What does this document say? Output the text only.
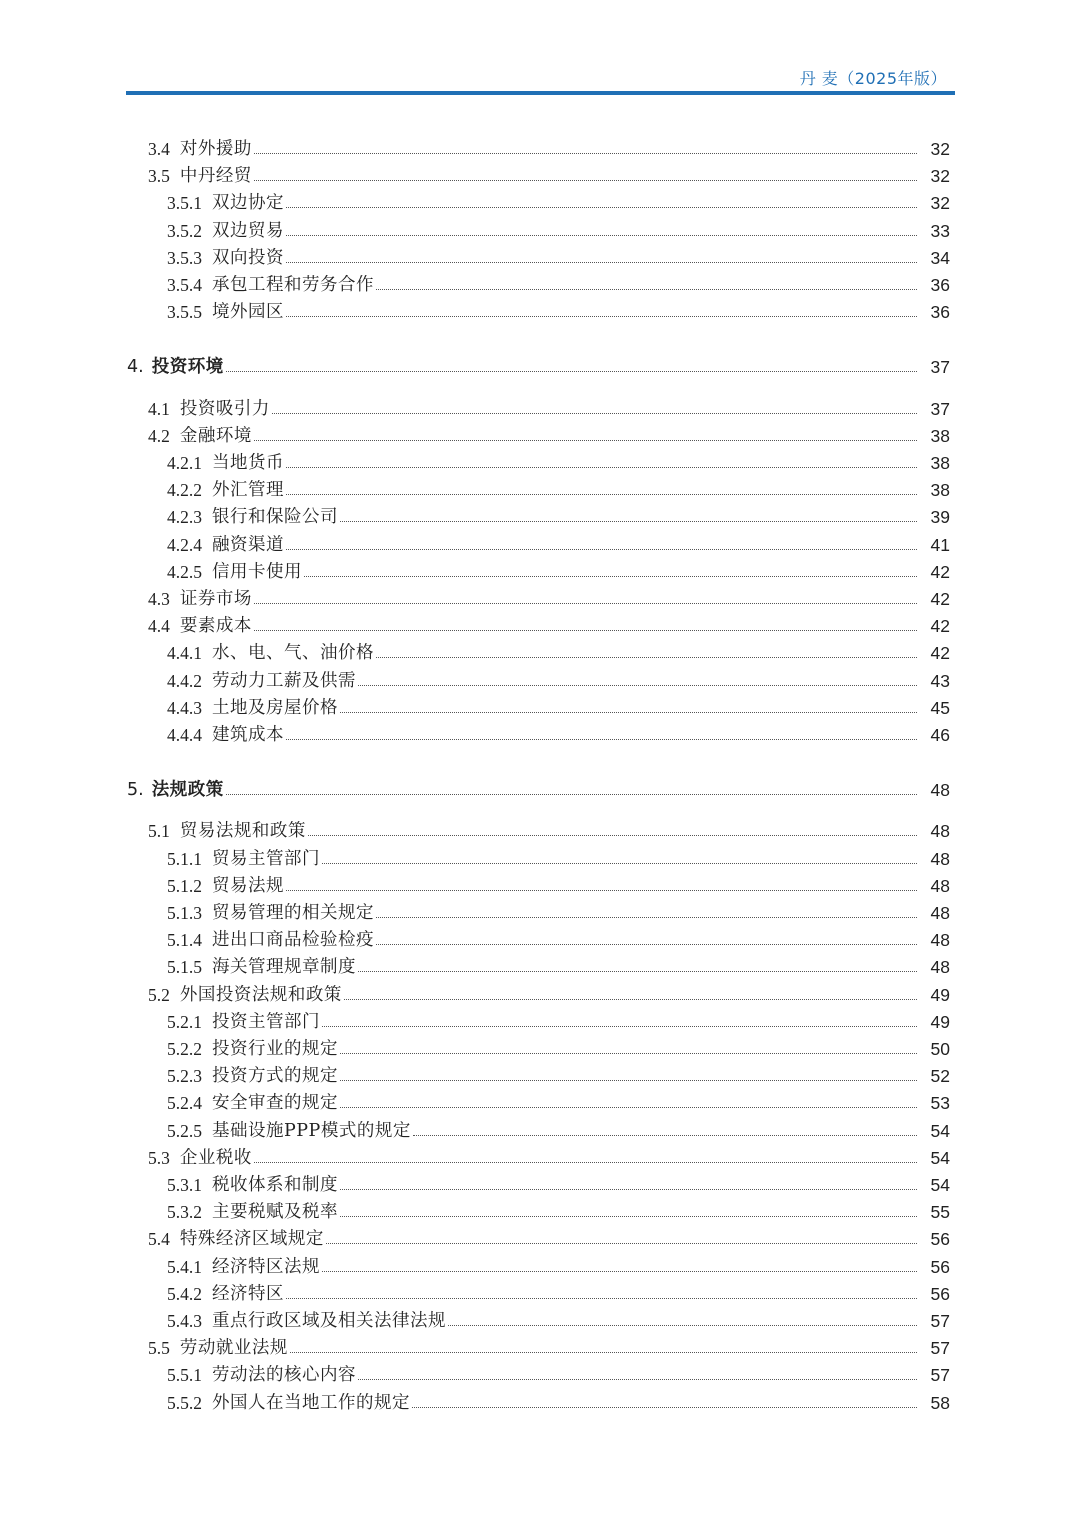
丹 麦（2025年版）
3.4 对外援助	32
3.5 中丹经贸	32
3.5.1 双边协定	32
3.5.2 双边贸易	33
3.5.3 双向投资	34
3.5.4 承包工程和劳务合作	36
3.5.5 境外园区	36
4. 投资环境	37
4.1 投资吸引力	37
4.2 金融环境	38
4.2.1 当地货币	38
4.2.2 外汇管理	38
4.2.3 银行和保险公司	39
4.2.4 融资渠道	41
4.2.5 信用卡使用	42
4.3 证券市场	42
4.4 要素成本	42
4.4.1 水、电、气、油价格	42
4.4.2 劳动力工薪及供需	43
4.4.3 土地及房屋价格	45
4.4.4 建筑成本	46
5. 法规政策	48
5.1 贸易法规和政策	48
5.1.1 贸易主管部门	48
5.1.2 贸易法规	48
5.1.3 贸易管理的相关规定	48
5.1.4 进出口商品检验检疫	48
5.1.5 海关管理规章制度	48
5.2 外国投资法规和政策	49
5.2.1 投资主管部门	49
5.2.2 投资行业的规定	50
5.2.3 投资方式的规定	52
5.2.4 安全审查的规定	53
5.2.5 基础设施PPP模式的规定	54
5.3 企业税收	54
5.3.1 税收体系和制度	54
5.3.2 主要税赋及税率	55
5.4 特殊经济区域规定	56
5.4.1 经济特区法规	56
5.4.2 经济特区	56
5.4.3 重点行政区域及相关法律法规	57
5.5 劳动就业法规	57
5.5.1 劳动法的核心内容	57
5.5.2 外国人在当地工作的规定	58
